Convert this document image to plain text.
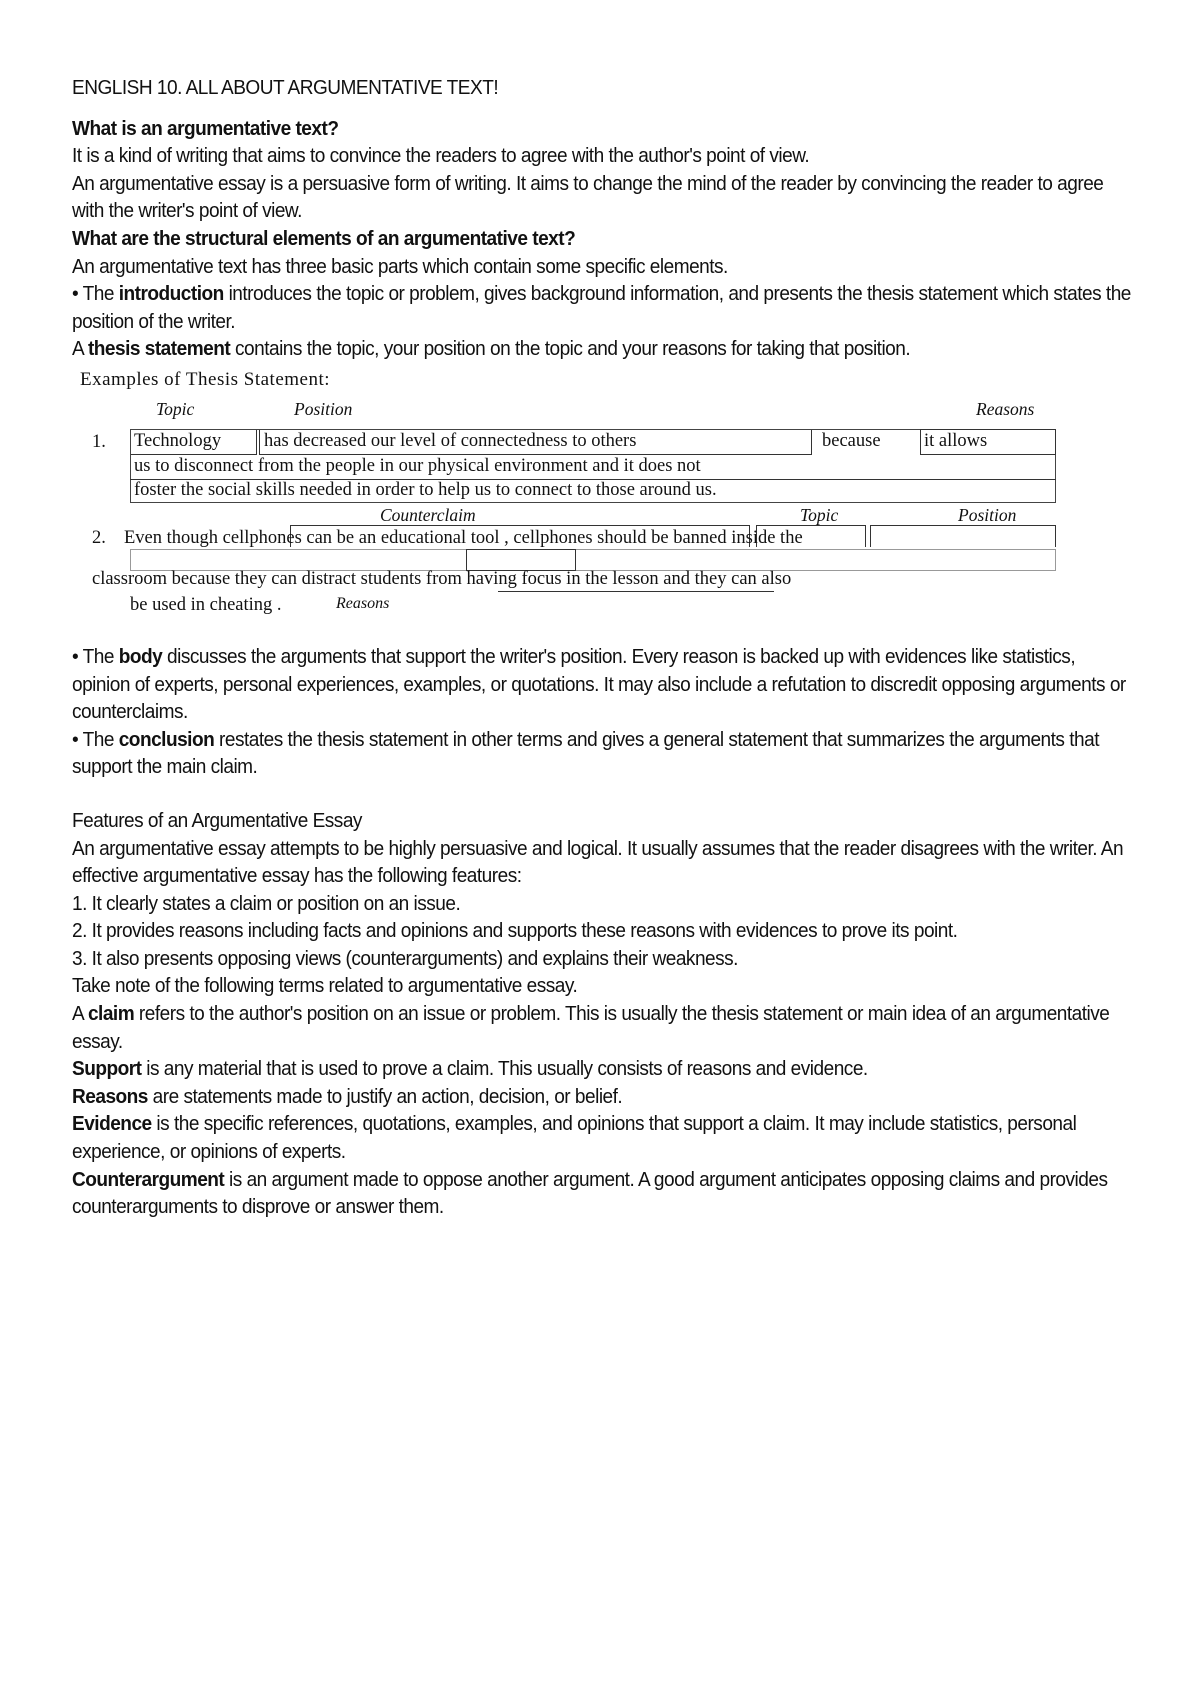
ENGLISH 10. ALL ABOUT ARGUMENTATIVE TEXT!

What is an argumentative text?

It is a kind of writing that aims to convince the readers to agree with the author's point of view.

An argumentative essay is a persuasive form of writing. It aims to change the mind of the reader by convincing the reader to agree with the writer's point of view.

What are the structural elements of an argumentative text?

An argumentative text has three basic parts which contain some specific elements.

• The introduction introduces the topic or problem, gives background information, and presents the thesis statement which states the position of the writer.

A thesis statement contains the topic, your position on the topic and your reasons for taking that position.

Examples of Thesis Statement:
Topic	Position	Reasons
1. Technology has decreased our level of connectedness to others	because it allows
us to disconnect from the people in our physical environment and it does not
foster the social skills needed in order to help us to connect to those around us.
Counterclaim	Topic	Position
2. Even though cellphones can be an educational tool , cellphones should be banned inside the
classroom because they can distract students from having focus in the lesson and they can also
be used in cheating .	Reasons

• The body discusses the arguments that support the writer's position. Every reason is backed up with evidences like statistics, opinion of experts, personal experiences, examples, or quotations. It may also include a refutation to discredit opposing arguments or counterclaims.

• The conclusion restates the thesis statement in other terms and gives a general statement that summarizes the arguments that support the main claim.

Features of an Argumentative Essay

An argumentative essay attempts to be highly persuasive and logical. It usually assumes that the reader disagrees with the writer. An effective argumentative essay has the following features:

1. It clearly states a claim or position on an issue.

2. It provides reasons including facts and opinions and supports these reasons with evidences to prove its point.

3. It also presents opposing views (counterarguments) and explains their weakness.

Take note of the following terms related to argumentative essay.

A claim refers to the author's position on an issue or problem. This is usually the thesis statement or main idea of an argumentative essay.

Support is any material that is used to prove a claim. This usually consists of reasons and evidence.

Reasons are statements made to justify an action, decision, or belief.

Evidence is the specific references, quotations, examples, and opinions that support a claim. It may include statistics, personal experience, or opinions of experts.

Counterargument is an argument made to oppose another argument. A good argument anticipates opposing claims and provides counterarguments to disprove or answer them.
